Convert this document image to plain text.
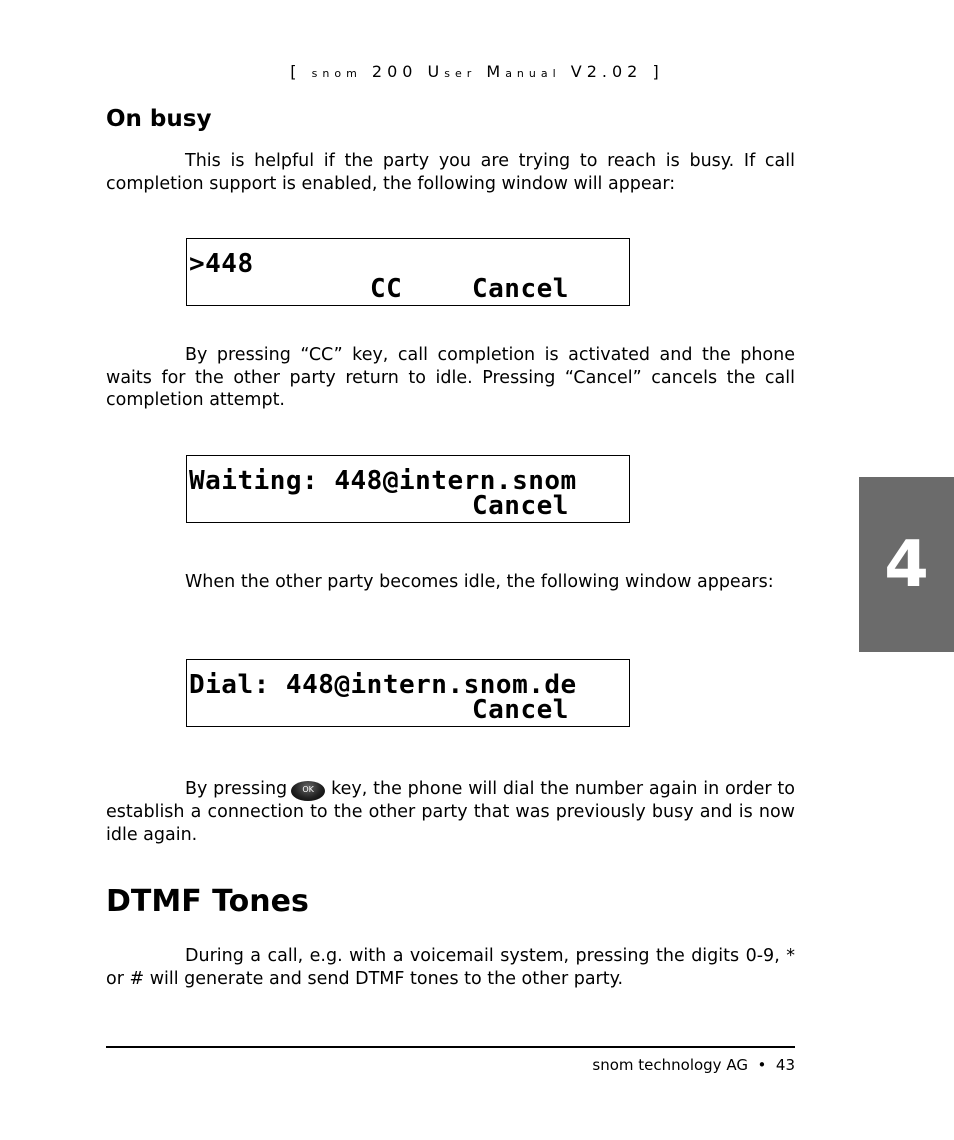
[ snom 200 User Manual V2.02 ]
On busy

This is helpful if the party you are trying to reach is busy. If call completion support is enabled, the following window will appear:

>448
CC	Cancel

By pressing “CC” key, call completion is activated and the phone waits for the other party return to idle. Pressing “Cancel” cancels the call completion attempt.

Waiting: 448@intern.snom
Cancel

When the other party becomes idle, the following window appears:

Dial: 448@intern.snom.de
Cancel

By pressing OK key, the phone will dial the number again in order to establish a connection to the other party that was previously busy and is now idle again.

DTMF Tones

During a call, e.g. with a voicemail system, pressing the digits 0-9, * or # will generate and send DTMF tones to the other party.

4
snom technology AG • 43
